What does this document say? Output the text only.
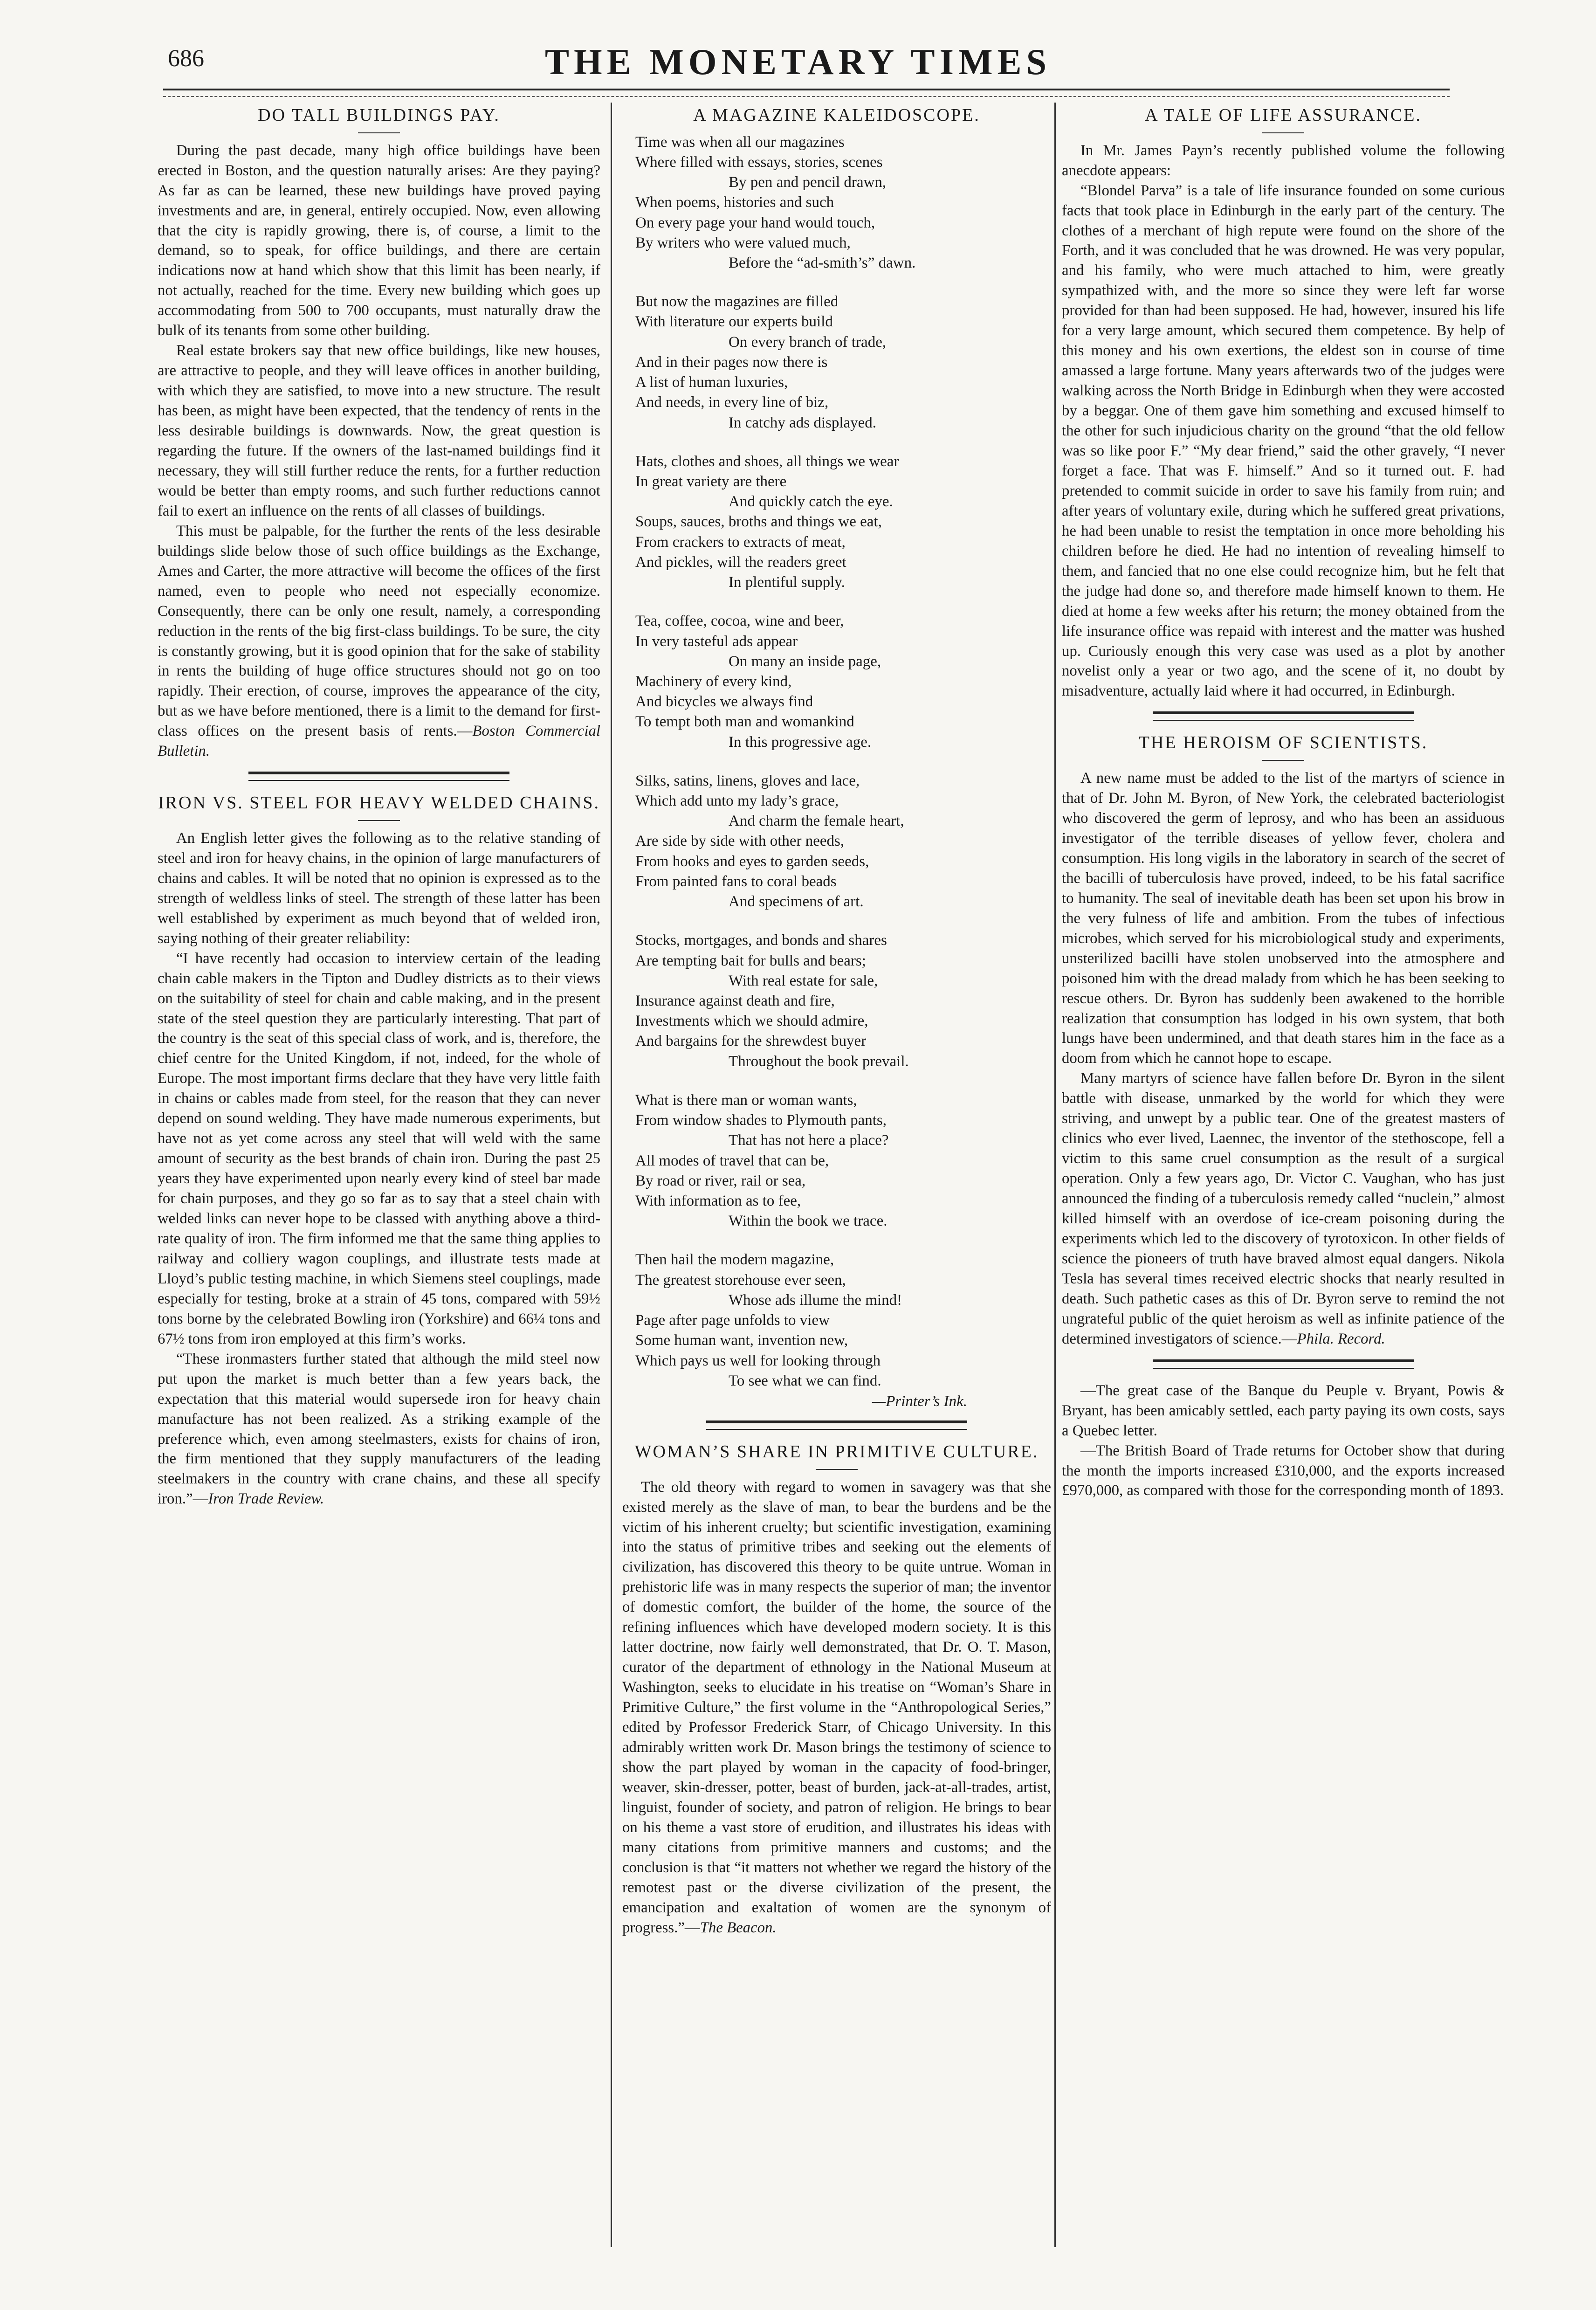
686	THE MONETARY TIMES
DO TALL BUILDINGS PAY.

During the past decade, many high office buildings have been erected in Boston, and the question naturally arises: Are they paying? As far as can be learned, these new buildings have proved paying investments and are, in general, entirely occupied. Now, even allowing that the city is rapidly growing, there is, of course, a limit to the demand, so to speak, for office buildings, and there are certain indications now at hand which show that this limit has been nearly, if not actually, reached for the time. Every new building which goes up accommodating from 500 to 700 occupants, must naturally draw the bulk of its tenants from some other building.

Real estate brokers say that new office buildings, like new houses, are attractive to people, and they will leave offices in another building, with which they are satisfied, to move into a new structure. The result has been, as might have been expected, that the tendency of rents in the less desirable buildings is downwards. Now, the great question is regarding the future. If the owners of the last-named buildings find it necessary, they will still further reduce the rents, for a further reduction would be better than empty rooms, and such further reductions cannot fail to exert an influence on the rents of all classes of buildings.

This must be palpable, for the further the rents of the less desirable buildings slide below those of such office buildings as the Exchange, Ames and Carter, the more attractive will become the offices of the first named, even to people who need not especially economize. Consequently, there can be only one result, namely, a corresponding reduction in the rents of the big first-class buildings. To be sure, the city is constantly growing, but it is good opinion that for the sake of stability in rents the building of huge office structures should not go on too rapidly. Their erection, of course, improves the appearance of the city, but as we have before mentioned, there is a limit to the demand for first-class offices on the present basis of rents.—Boston Commercial Bulletin.

IRON VS. STEEL FOR HEAVY WELDED CHAINS.

An English letter gives the following as to the relative standing of steel and iron for heavy chains, in the opinion of large manufacturers of chains and cables. It will be noted that no opinion is expressed as to the strength of weldless links of steel. The strength of these latter has been well established by experiment as much beyond that of welded iron, saying nothing of their greater reliability:

“I have recently had occasion to interview certain of the leading chain cable makers in the Tipton and Dudley districts as to their views on the suitability of steel for chain and cable making, and in the present state of the steel question they are particularly interesting. That part of the country is the seat of this special class of work, and is, therefore, the chief centre for the United Kingdom, if not, indeed, for the whole of Europe. The most important firms declare that they have very little faith in chains or cables made from steel, for the reason that they can never depend on sound welding. They have made numerous experiments, but have not as yet come across any steel that will weld with the same amount of security as the best brands of chain iron. During the past 25 years they have experimented upon nearly every kind of steel bar made for chain purposes, and they go so far as to say that a steel chain with welded links can never hope to be classed with anything above a third-rate quality of iron. The firm informed me that the same thing applies to railway and colliery wagon couplings, and illustrate tests made at Lloyd’s public testing machine, in which Siemens steel couplings, made especially for testing, broke at a strain of 45 tons, compared with 59½ tons borne by the celebrated Bowling iron (Yorkshire) and 66¼ tons and 67½ tons from iron employed at this firm’s works.

“These ironmasters further stated that although the mild steel now put upon the market is much better than a few years back, the expectation that this material would supersede iron for heavy chain manufacture has not been realized. As a striking example of the preference which, even among steelmasters, exists for chains of iron, the firm mentioned that they supply manufacturers of the leading steelmakers in the country with crane chains, and these all specify iron.”—Iron Trade Review.

A MAGAZINE KALEIDOSCOPE.
Time was when all our magazines
Where filled with essays, stories, scenes
By pen and pencil drawn,
When poems, histories and such
On every page your hand would touch,
By writers who were valued much,
Before the “ad-smith’s” dawn.
But now the magazines are filled
With literature our experts build
On every branch of trade,
And in their pages now there is
A list of human luxuries,
And needs, in every line of biz,
In catchy ads displayed.
Hats, clothes and shoes, all things we wear
In great variety are there
And quickly catch the eye.
Soups, sauces, broths and things we eat,
From crackers to extracts of meat,
And pickles, will the readers greet
In plentiful supply.
Tea, coffee, cocoa, wine and beer,
In very tasteful ads appear
On many an inside page,
Machinery of every kind,
And bicycles we always find
To tempt both man and womankind
In this progressive age.
Silks, satins, linens, gloves and lace,
Which add unto my lady’s grace,
And charm the female heart,
Are side by side with other needs,
From hooks and eyes to garden seeds,
From painted fans to coral beads
And specimens of art.
Stocks, mortgages, and bonds and shares
Are tempting bait for bulls and bears;
With real estate for sale,
Insurance against death and fire,
Investments which we should admire,
And bargains for the shrewdest buyer
Throughout the book prevail.
What is there man or woman wants,
From window shades to Plymouth pants,
That has not here a place?
All modes of travel that can be,
By road or river, rail or sea,
With information as to fee,
Within the book we trace.
Then hail the modern magazine,
The greatest storehouse ever seen,
Whose ads illume the mind!
Page after page unfolds to view
Some human want, invention new,
Which pays us well for looking through
To see what we can find.
—Printer’s Ink.
WOMAN’S SHARE IN PRIMITIVE CULTURE.

The old theory with regard to women in savagery was that she existed merely as the slave of man, to bear the burdens and be the victim of his inherent cruelty; but scientific investigation, examining into the status of primitive tribes and seeking out the elements of civilization, has discovered this theory to be quite untrue. Woman in prehistoric life was in many respects the superior of man; the inventor of domestic comfort, the builder of the home, the source of the refining influences which have developed modern society. It is this latter doctrine, now fairly well demonstrated, that Dr. O. T. Mason, curator of the department of ethnology in the National Museum at Washington, seeks to elucidate in his treatise on “Woman’s Share in Primitive Culture,” the first volume in the “Anthropological Series,” edited by Professor Frederick Starr, of Chicago University. In this admirably written work Dr. Mason brings the testimony of science to show the part played by woman in the capacity of food-bringer, weaver, skin-dresser, potter, beast of burden, jack-at-all-trades, artist, linguist, founder of society, and patron of religion. He brings to bear on his theme a vast store of erudition, and illustrates his ideas with many citations from primitive manners and customs; and the conclusion is that “it matters not whether we regard the history of the remotest past or the diverse civilization of the present, the emancipation and exaltation of women are the synonym of progress.”—The Beacon.

A TALE OF LIFE ASSURANCE.

In Mr. James Payn’s recently published volume the following anecdote appears:

“Blondel Parva” is a tale of life insurance founded on some curious facts that took place in Edinburgh in the early part of the century. The clothes of a merchant of high repute were found on the shore of the Forth, and it was concluded that he was drowned. He was very popular, and his family, who were much attached to him, were greatly sympathized with, and the more so since they were left far worse provided for than had been supposed. He had, however, insured his life for a very large amount, which secured them competence. By help of this money and his own exertions, the eldest son in course of time amassed a large fortune. Many years afterwards two of the judges were walking across the North Bridge in Edinburgh when they were accosted by a beggar. One of them gave him something and excused himself to the other for such injudicious charity on the ground “that the old fellow was so like poor F.” “My dear friend,” said the other gravely, “I never forget a face. That was F. himself.” And so it turned out. F. had pretended to commit suicide in order to save his family from ruin; and after years of voluntary exile, during which he suffered great privations, he had been unable to resist the temptation in once more beholding his children before he died. He had no intention of revealing himself to them, and fancied that no one else could recognize him, but he felt that the judge had done so, and therefore made himself known to them. He died at home a few weeks after his return; the money obtained from the life insurance office was repaid with interest and the matter was hushed up. Curiously enough this very case was used as a plot by another novelist only a year or two ago, and the scene of it, no doubt by misadventure, actually laid where it had occurred, in Edinburgh.

THE HEROISM OF SCIENTISTS.

A new name must be added to the list of the martyrs of science in that of Dr. John M. Byron, of New York, the celebrated bacteriologist who discovered the germ of leprosy, and who has been an assiduous investigator of the terrible diseases of yellow fever, cholera and consumption. His long vigils in the laboratory in search of the secret of the bacilli of tuberculosis have proved, indeed, to be his fatal sacrifice to humanity. The seal of inevitable death has been set upon his brow in the very fulness of life and ambition. From the tubes of infectious microbes, which served for his microbiological study and experiments, unsterilized bacilli have stolen unobserved into the atmosphere and poisoned him with the dread malady from which he has been seeking to rescue others. Dr. Byron has suddenly been awakened to the horrible realization that consumption has lodged in his own system, that both lungs have been undermined, and that death stares him in the face as a doom from which he cannot hope to escape.

Many martyrs of science have fallen before Dr. Byron in the silent battle with disease, unmarked by the world for which they were striving, and unwept by a public tear. One of the greatest masters of clinics who ever lived, Laennec, the inventor of the stethoscope, fell a victim to this same cruel consumption as the result of a surgical operation. Only a few years ago, Dr. Victor C. Vaughan, who has just announced the finding of a tuberculosis remedy called “nuclein,” almost killed himself with an overdose of ice-cream poisoning during the experiments which led to the discovery of tyrotoxicon. In other fields of science the pioneers of truth have braved almost equal dangers. Nikola Tesla has several times received electric shocks that nearly resulted in death. Such pathetic cases as this of Dr. Byron serve to remind the not ungrateful public of the quiet heroism as well as infinite patience of the determined investigators of science.—Phila. Record.

—The great case of the Banque du Peuple v. Bryant, Powis & Bryant, has been amicably settled, each party paying its own costs, says a Quebec letter.

—The British Board of Trade returns for October show that during the month the imports increased £310,000, and the exports increased £970,000, as compared with those for the corresponding month of 1893.
